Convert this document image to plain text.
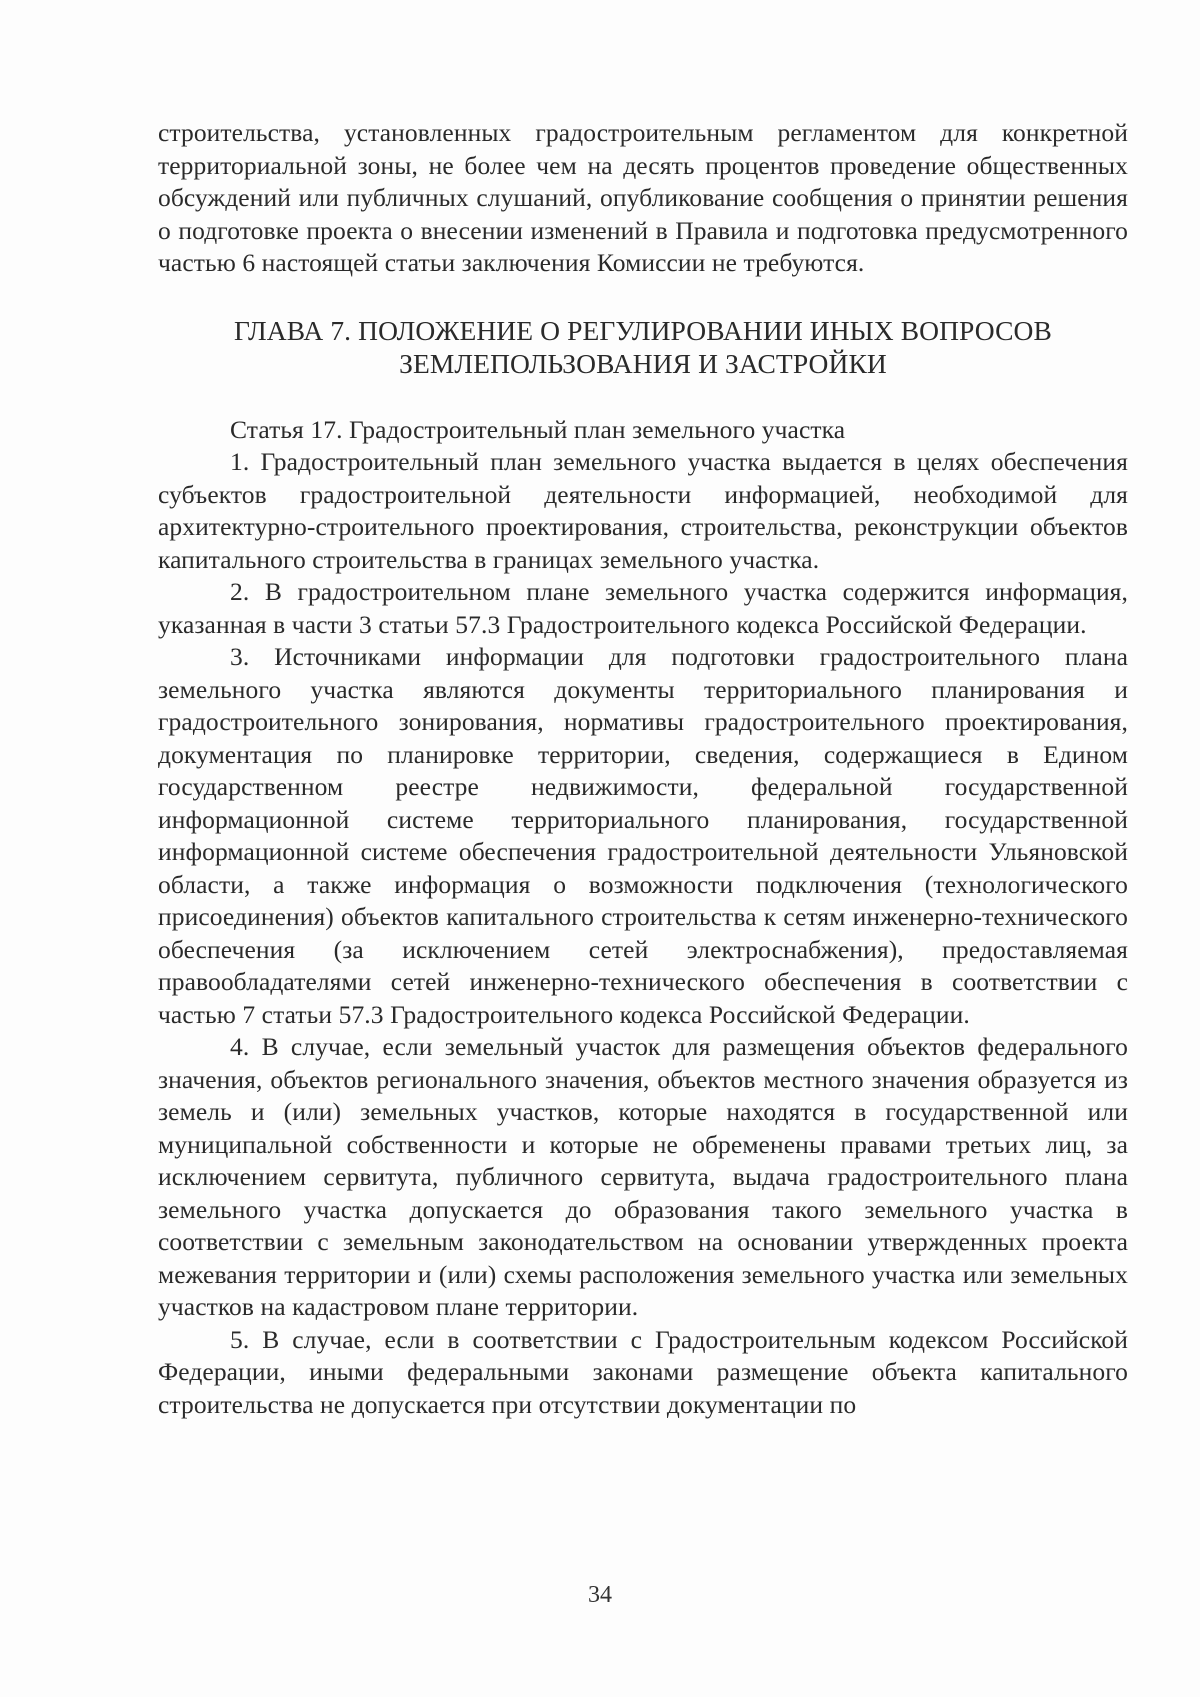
строительства, установленных градостроительным регламентом для конкретной территориальной зоны, не более чем на десять процентов проведение общественных обсуждений или публичных слушаний, опубликование сообщения о принятии решения о подготовке проекта о внесении изменений в Правила и подготовка предусмотренного частью 6 настоящей статьи заключения Комиссии не требуются.

ГЛАВА 7. ПОЛОЖЕНИЕ О РЕГУЛИРОВАНИИ ИНЫХ ВОПРОСОВ
ЗЕМЛЕПОЛЬЗОВАНИЯ И ЗАСТРОЙКИ

Статья 17. Градостроительный план земельного участка

1. Градостроительный план земельного участка выдается в целях обеспечения субъектов градостроительной деятельности информацией, необходимой для архитектурно-строительного проектирования, строительства, реконструкции объектов капитального строительства в границах земельного участка.

2. В градостроительном плане земельного участка содержится информация, указанная в части 3 статьи 57.3 Градостроительного кодекса Российской Федерации.

3. Источниками информации для подготовки градостроительного плана земельного участка являются документы территориального планирования и градостроительного зонирования, нормативы градостроительного проектирования, документация по планировке территории, сведения, содержащиеся в Едином государственном реестре недвижимости, федеральной государственной информационной системе территориального планирования, государственной информационной системе обеспечения градостроительной деятельности Ульяновской области, а также информация о возможности подключения (технологического присоединения) объектов капитального строительства к сетям инженерно-технического обеспечения (за исключением сетей электроснабжения), предоставляемая правообладателями сетей инженерно-технического обеспечения в соответствии с частью 7 статьи 57.3 Градостроительного кодекса Российской Федерации.

4. В случае, если земельный участок для размещения объектов федерального значения, объектов регионального значения, объектов местного значения образуется из земель и (или) земельных участков, которые находятся в государственной или муниципальной собственности и которые не обременены правами третьих лиц, за исключением сервитута, публичного сервитута, выдача градостроительного плана земельного участка допускается до образования такого земельного участка в соответствии с земельным законодательством на основании утвержденных проекта межевания территории и (или) схемы расположения земельного участка или земельных участков на кадастровом плане территории.

5. В случае, если в соответствии с Градостроительным кодексом Российской Федерации, иными федеральными законами размещение объекта капитального строительства не допускается при отсутствии документации по

34
